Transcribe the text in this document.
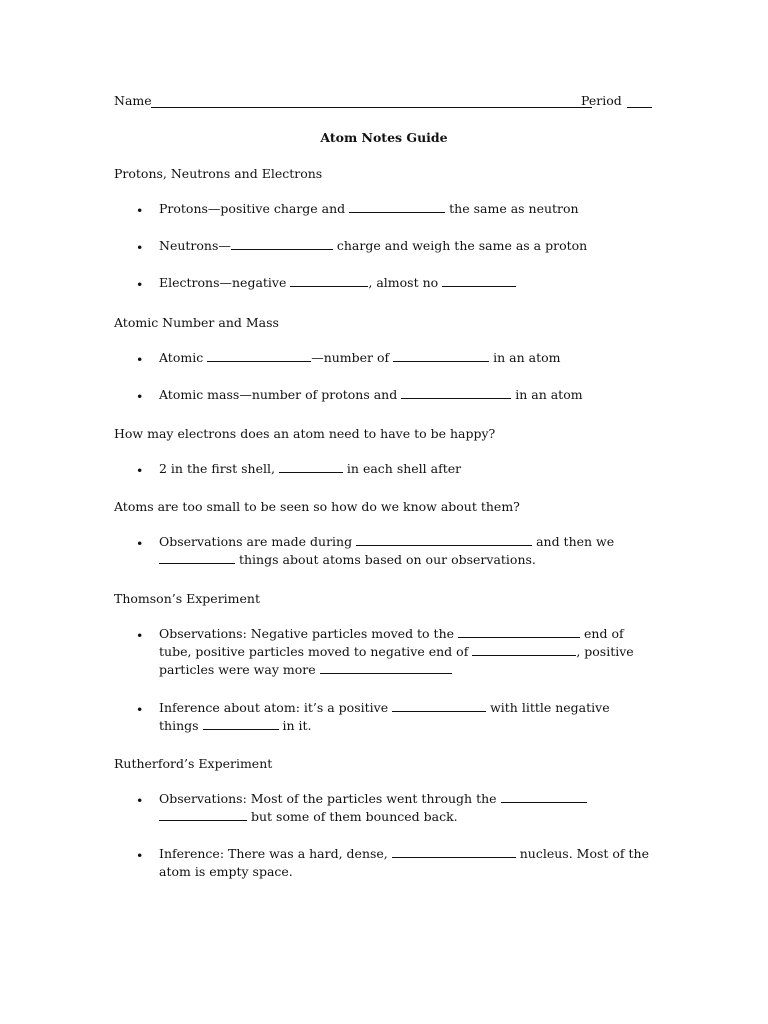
Name	Period
Atom Notes Guide
Protons, Neutrons and Electrons
• Protons—positive charge and	the same as neutron
• Neutrons—	charge and weigh the same as a proton
• Electrons—negative	, almost no
Atomic Number and Mass
• Atomic	—number of	in an atom
• Atomic mass—number of protons and	in an atom
How may electrons does an atom need to have to be happy?
• 2 in the first shell,	in each shell after
Atoms are too small to be seen so how do we know about them?
• Observations are made during	and then we
things about atoms based on our observations.
Thomson’s Experiment
• Observations: Negative particles moved to the	end of
tube, positive particles moved to negative end of	, positive
particles were way more
• Inference about atom: it’s a positive	with little negative
things	in it.
Rutherford’s Experiment
• Observations: Most of the particles went through the
but some of them bounced back.
• Inference: There was a hard, dense,	nucleus. Most of the
atom is empty space.
